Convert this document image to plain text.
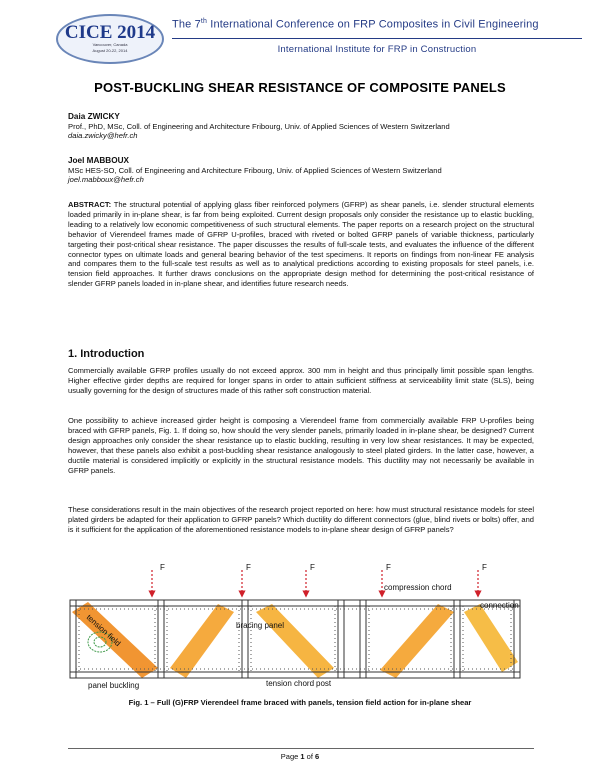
CICE 2014
Vancouver, Canada
August 20-22, 2014
The 7th International Conference on FRP Composites in Civil Engineering
International Institute for FRP in Construction
POST-BUCKLING SHEAR RESISTANCE OF COMPOSITE PANELS
Daia ZWICKY
Prof., PhD, MSc, Coll. of Engineering and Architecture Fribourg, Univ. of Applied Sciences of Western Switzerland
daia.zwicky@hefr.ch
Joel MABBOUX
MSc HES-SO, Coll. of Engineering and Architecture Fribourg, Univ. of Applied Sciences of Western Switzerland
joel.mabboux@hefr.ch
ABSTRACT: The structural potential of applying glass fiber reinforced polymers (GFRP) as shear panels, i.e. slender structural elements loaded primarily in in-plane shear, is far from being exploited. Current design proposals only consider the resistance up to elastic buckling, leading to a relatively low economic competitiveness of such structural elements. The paper reports on a research project on the structural behavior of Vierendeel frames made of GFRP U-profiles, braced with riveted or bolted GFRP panels of variable thickness, particularly targeting their post-critical shear resistance. The paper discusses the results of full-scale tests, and evaluates the influence of the different connector types on ultimate loads and general bearing behavior of the test specimens. It reports on findings from non-linear FE analysis and compares them to the full-scale test results as well as to analytical predictions according to existing proposals for steel panels, i.e. tension field approaches. It further draws conclusions on the appropriate design method for determining the post-critical resistance of slender GFRP panels loaded in in-plane shear, and identifies future research needs.
1. Introduction
Commercially available GFRP profiles usually do not exceed approx. 300 mm in height and thus principally limit possible span lengths. Higher effective girder depths are required for longer spans in order to attain sufficient stiffness at serviceability limit state (SLS), being usually governing for the design of structures made of this rather soft construction material.
One possibility to achieve increased girder height is composing a Vierendeel frame from commercially available FRP U-profiles being braced with GFRP panels, Fig. 1. If doing so, how should the very slender panels, primarily loaded in in-plane shear, be designed? Current design approaches only consider the shear resistance up to elastic buckling, resulting in very low shear resistances. It may be expected, however, that these panels also exhibit a post-buckling shear resistance analogously to steel plated girders. In the latter case, however, a ductile material is considered implicitly or explicitly in the structural resistance models. This ductility may not necessarily be available in GFRP panels.
These considerations result in the main objectives of the research project reported on here: how must structural resistance models for steel plated girders be adapted for their application to GFRP panels? Which ductility do different connectors (glue, blind rivets or bolts) offer, and is it sufficient for the application of the aforementioned resistance models to in-plane shear design of GFRP panels?
F	F	F	F	F
compression chord
connection
bracing panel
tension field
panel buckling	tension chord post
Fig. 1 – Full (G)FRP Vierendeel frame braced with panels, tension field action for in-plane shear
Page 1 of 6
